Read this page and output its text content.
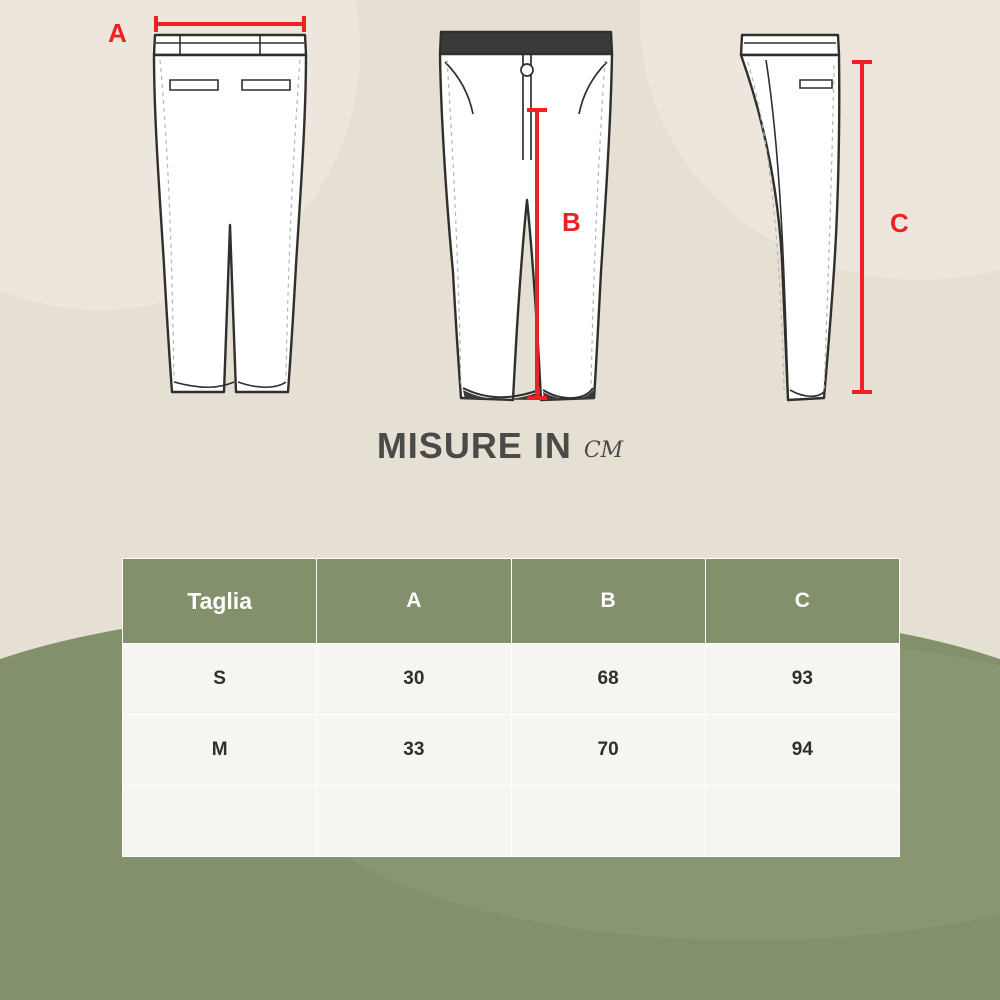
A
B	C
MISURE IN cm
Taglia	A	B	C
S	30	68	93
M	33	70	94
